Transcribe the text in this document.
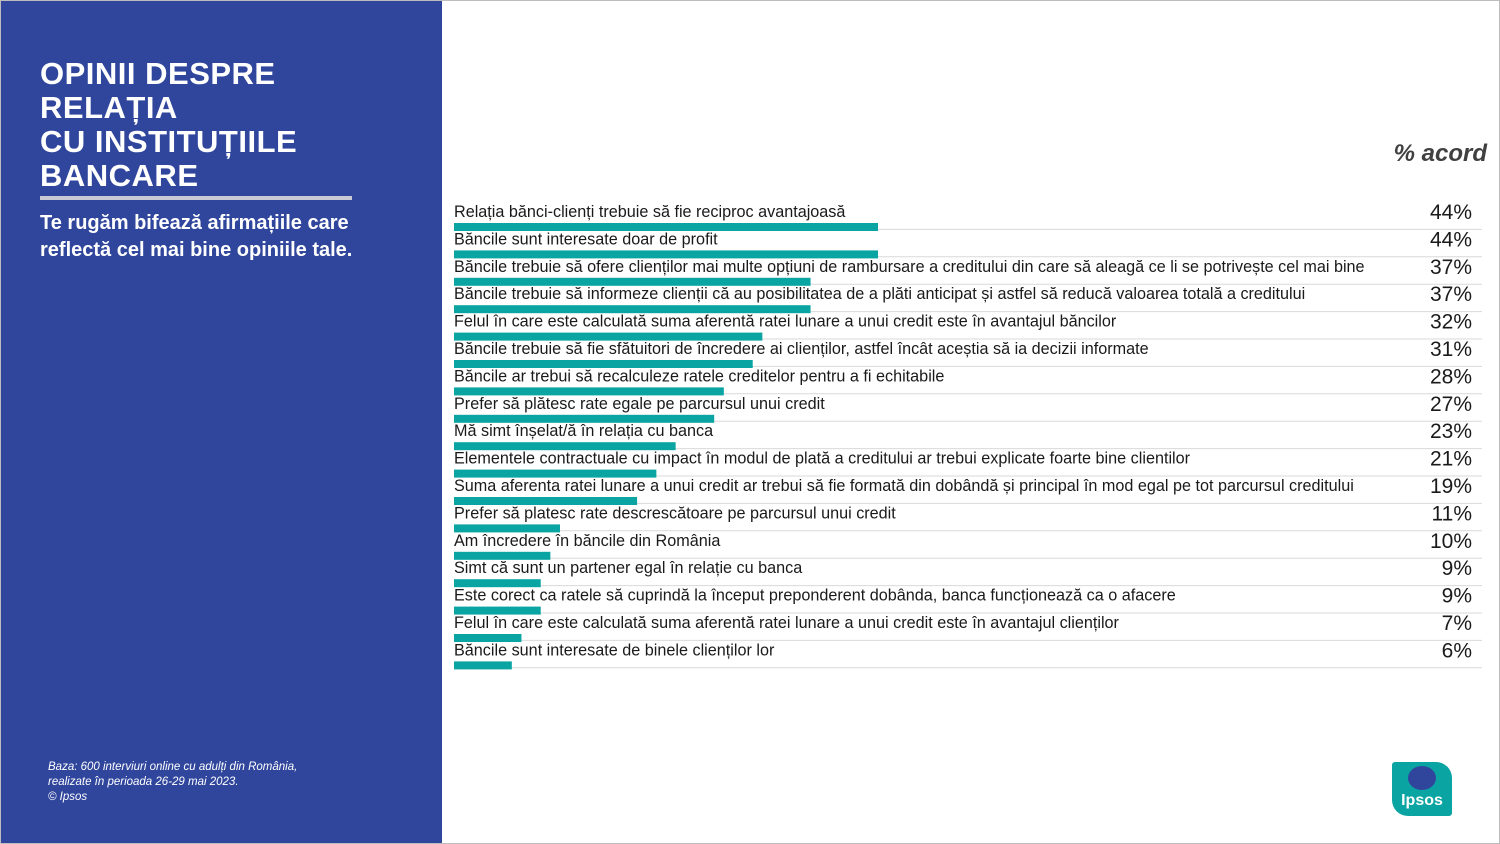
OPINII DESPRE
RELAȚIA
CU INSTITUȚIILE
BANCARE

Te rugăm bifează afirmațiile care reflectă cel mai bine opiniile tale.

Baza: 600 interviuri online cu adulți din România,
realizate în perioada 26-29 mai 2023.
© Ipsos

% acord

Relația bănci-clienți trebuie să fie reciproc avantajoasă	44%
Băncile sunt interesate doar de profit	44%
Băncile trebuie să ofere clienților mai multe opțiuni de rambursare a creditului din care să aleagă ce li se potrivește cel mai bine	37%
Băncile trebuie să informeze clienții că au posibilitatea de a plăti anticipat și astfel să reducă valoarea totală a creditului	37%
Felul în care este calculată suma aferentă ratei lunare a unui credit este în avantajul băncilor	32%
Băncile trebuie să fie sfătuitori de încredere ai clienților, astfel încât aceștia să ia decizii informate	31%
Băncile ar trebui să recalculeze ratele creditelor pentru a fi echitabile	28%
Prefer să plătesc rate egale pe parcursul unui credit	27%
Mă simt înșelat/ă în relația cu banca	23%
Elementele contractuale cu impact în modul de plată a creditului ar trebui explicate foarte bine clientilor	21%
Suma aferenta ratei lunare a unui credit ar trebui să fie formată din dobândă și principal în mod egal pe tot parcursul creditului	19%
Prefer să platesc rate descrescătoare pe parcursul unui credit	11%
Am încredere în băncile din România	10%
Simt că sunt un partener egal în relație cu banca	9%
Este corect ca ratele să cuprindă la început preponderent dobânda, banca funcționează ca o afacere	9%
Felul în care este calculată suma aferentă ratei lunare a unui credit este în avantajul clienților	7%
Băncile sunt interesate de binele clienților lor	6%
Ipsos
